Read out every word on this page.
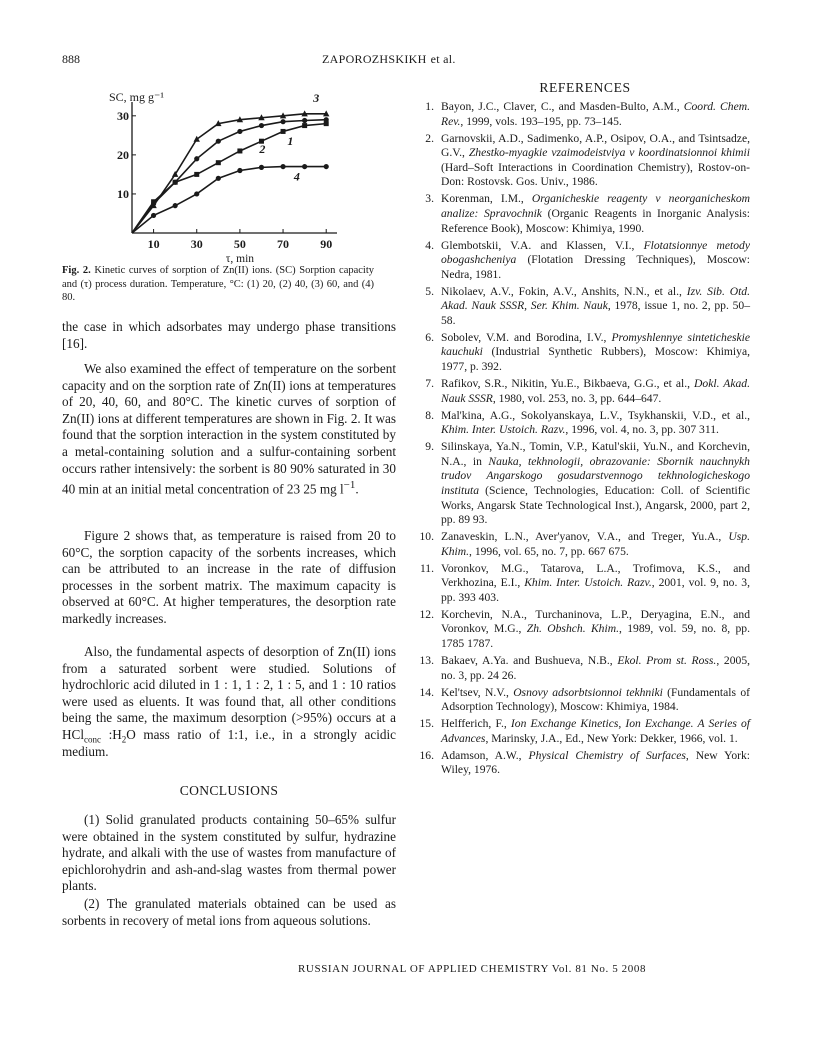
888	ZAPOROZHSKIKH et al.
10	30	50	70	90
10
20
30
SC, mg g⁻¹
τ, min
1
2
3
4
Fig. 2. Kinetic curves of sorption of Zn(II) ions. (SC) Sorption capacity and (τ) process duration. Temperature, °C: (1) 20, (2) 40, (3) 60, and (4) 80.

the case in which adsorbates may undergo phase transitions [16].

We also examined the effect of temperature on the sorbent capacity and on the sorption rate of Zn(II) ions at temperatures of 20, 40, 60, and 80°C. The kinetic curves of sorption of Zn(II) ions at different temperatures are shown in Fig. 2. It was found that the sorption interaction in the system constituted by a metal-containing solution and a sulfur-containing sorbent occurs rather intensively: the sorbent is 80 90% saturated in 30 40 min at an initial metal concentration of 23 25 mg $l^{-1}$.

Figure 2 shows that, as temperature is raised from 20 to 60°C, the sorption capacity of the sorbents increases, which can be attributed to an increase in the rate of diffusion processes in the sorbent matrix. The maximum capacity is observed at 60°C. At higher temperatures, the desorption rate markedly increases.

Also, the fundamental aspects of desorption of Zn(II) ions from a saturated sorbent were studied. Solutions of hydrochloric acid diluted in 1 : 1, 1 : 2, 1 : 5, and 1 : 10 ratios were used as eluents. It was found that, all other conditions being the same, the maximum desorption (>95%) occurs at a HCl$_{conc}$ $:H_2O$ mass ratio of 1:1, i.e., in a strongly acidic medium.

CONCLUSIONS

(1) Solid granulated products containing 50–65% sulfur were obtained in the system constituted by sulfur, hydrazine hydrate, and alkali with the use of wastes from manufacture of epichlorohydrin and ash-and-slag wastes from thermal power plants.

(2) The granulated materials obtained can be used as sorbents in recovery of metal ions from aqueous solutions.

REFERENCES
1. Bayon, J.C., Claver, C., and Masden-Bulto, A.M., Coord. Chem. Rev., 1999, vols. 193–195, pp. 73–145.
2. Garnovskii, A.D., Sadimenko, A.P., Osipov, O.A., and Tsintsadze, G.V., Zhestko-myagkie vzaimodeistviya v koordinatsionnoi khimii (Hard–Soft Interactions in Coordination Chemistry), Rostov-on-Don: Rostovsk. Gos. Univ., 1986.
3. Korenman, I.M., Organicheskie reagenty v neorganicheskom analize: Spravochnik (Organic Reagents in Inorganic Analysis: Reference Book), Moscow: Khimiya, 1990.
4. Glembotskii, V.A. and Klassen, V.I., Flotatsionnye metody obogashcheniya (Flotation Dressing Techniques), Moscow: Nedra, 1981.
5. Nikolaev, A.V., Fokin, A.V., Anshits, N.N., et al., Izv. Sib. Otd. Akad. Nauk SSSR, Ser. Khim. Nauk, 1978, issue 1, no. 2, pp. 50–58.
6. Sobolev, V.M. and Borodina, I.V., Promyshlennye sinteticheskie kauchuki (Industrial Synthetic Rubbers), Moscow: Khimiya, 1977, p. 392.
7. Rafikov, S.R., Nikitin, Yu.E., Bikbaeva, G.G., et al., Dokl. Akad. Nauk SSSR, 1980, vol. 253, no. 3, pp. 644–647.
8. Mal'kina, A.G., Sokolyanskaya, L.V., Tsykhanskii, V.D., et al., Khim. Inter. Ustoich. Razv., 1996, vol. 4, no. 3, pp. 307 311.
9. Silinskaya, Ya.N., Tomin, V.P., Katul'skii, Yu.N., and Korchevin, N.A., in Nauka, tekhnologii, obrazovanie: Sbornik nauchnykh trudov Angarskogo gosudarstvennogo tekhnologicheskogo instituta (Science, Technologies, Education: Coll. of Scientific Works, Angarsk State Technological Inst.), Angarsk, 2000, part 2, pp. 89 93.
10. Zanaveskin, L.N., Aver'yanov, V.A., and Treger, Yu.A., Usp. Khim., 1996, vol. 65, no. 7, pp. 667 675.
11. Voronkov, M.G., Tatarova, L.A., Trofimova, K.S., and Verkhozina, E.I., Khim. Inter. Ustoich. Razv., 2001, vol. 9, no. 3, pp. 393 403.
12. Korchevin, N.A., Turchaninova, L.P., Deryagina, E.N., and Voronkov, M.G., Zh. Obshch. Khim., 1989, vol. 59, no. 8, pp. 1785 1787.
13. Bakaev, A.Ya. and Bushueva, N.B., Ekol. Prom st. Ross., 2005, no. 3, pp. 24 26.
14. Kel'tsev, N.V., Osnovy adsorbtsionnoi tekhniki (Fundamentals of Adsorption Technology), Moscow: Khimiya, 1984.
15. Helfferich, F., Ion Exchange Kinetics, Ion Exchange. A Series of Advances, Marinsky, J.A., Ed., New York: Dekker, 1966, vol. 1.
16. Adamson, A.W., Physical Chemistry of Surfaces, New York: Wiley, 1976.
RUSSIAN JOURNAL OF APPLIED CHEMISTRY Vol. 81 No. 5 2008
